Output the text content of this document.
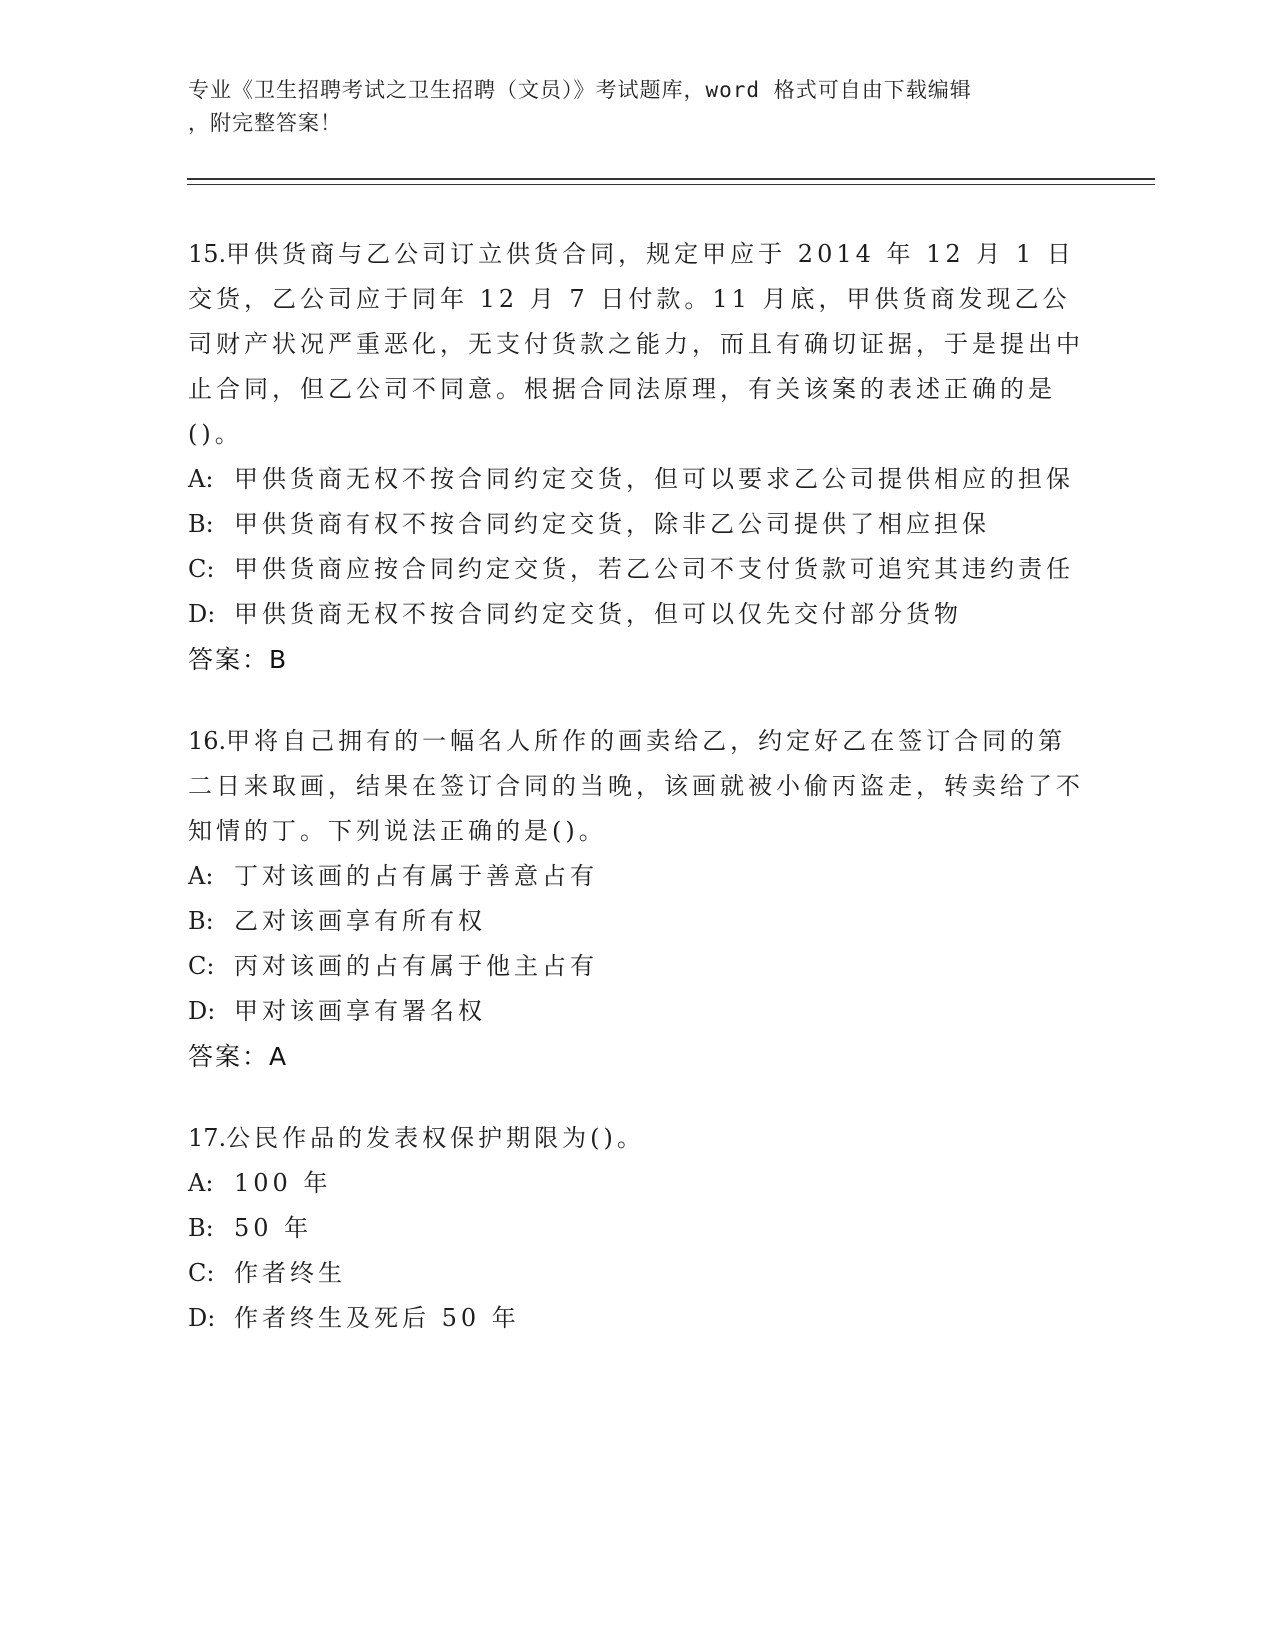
专业《卫生招聘考试之卫生招聘（文员）》考试题库，word 格式可自由下载编辑
，附完整答案！

15.甲供货商与乙公司订立供货合同，规定甲应于 2014 年 12 月 1 日交货，乙公司应于同年 12 月 7 日付款。11 月底，甲供货商发现乙公司财产状况严重恶化，无支付货款之能力，而且有确切证据，于是提出中止合同，但乙公司不同意。根据合同法原理，有关该案的表述正确的是()。

A: 甲供货商无权不按合同约定交货，但可以要求乙公司提供相应的担保
B: 甲供货商有权不按合同约定交货，除非乙公司提供了相应担保
C: 甲供货商应按合同约定交货，若乙公司不支付货款可追究其违约责任
D: 甲供货商无权不按合同约定交货，但可以仅先交付部分货物

答案：B

16.甲将自己拥有的一幅名人所作的画卖给乙，约定好乙在签订合同的第二日来取画，结果在签订合同的当晚，该画就被小偷丙盗走，转卖给了不知情的丁。下列说法正确的是()。

A: 丁对该画的占有属于善意占有
B: 乙对该画享有所有权
C: 丙对该画的占有属于他主占有
D: 甲对该画享有署名权

答案：A

17.公民作品的发表权保护期限为()。

A: 100 年
B: 50 年
C: 作者终生
D: 作者终生及死后 50 年
